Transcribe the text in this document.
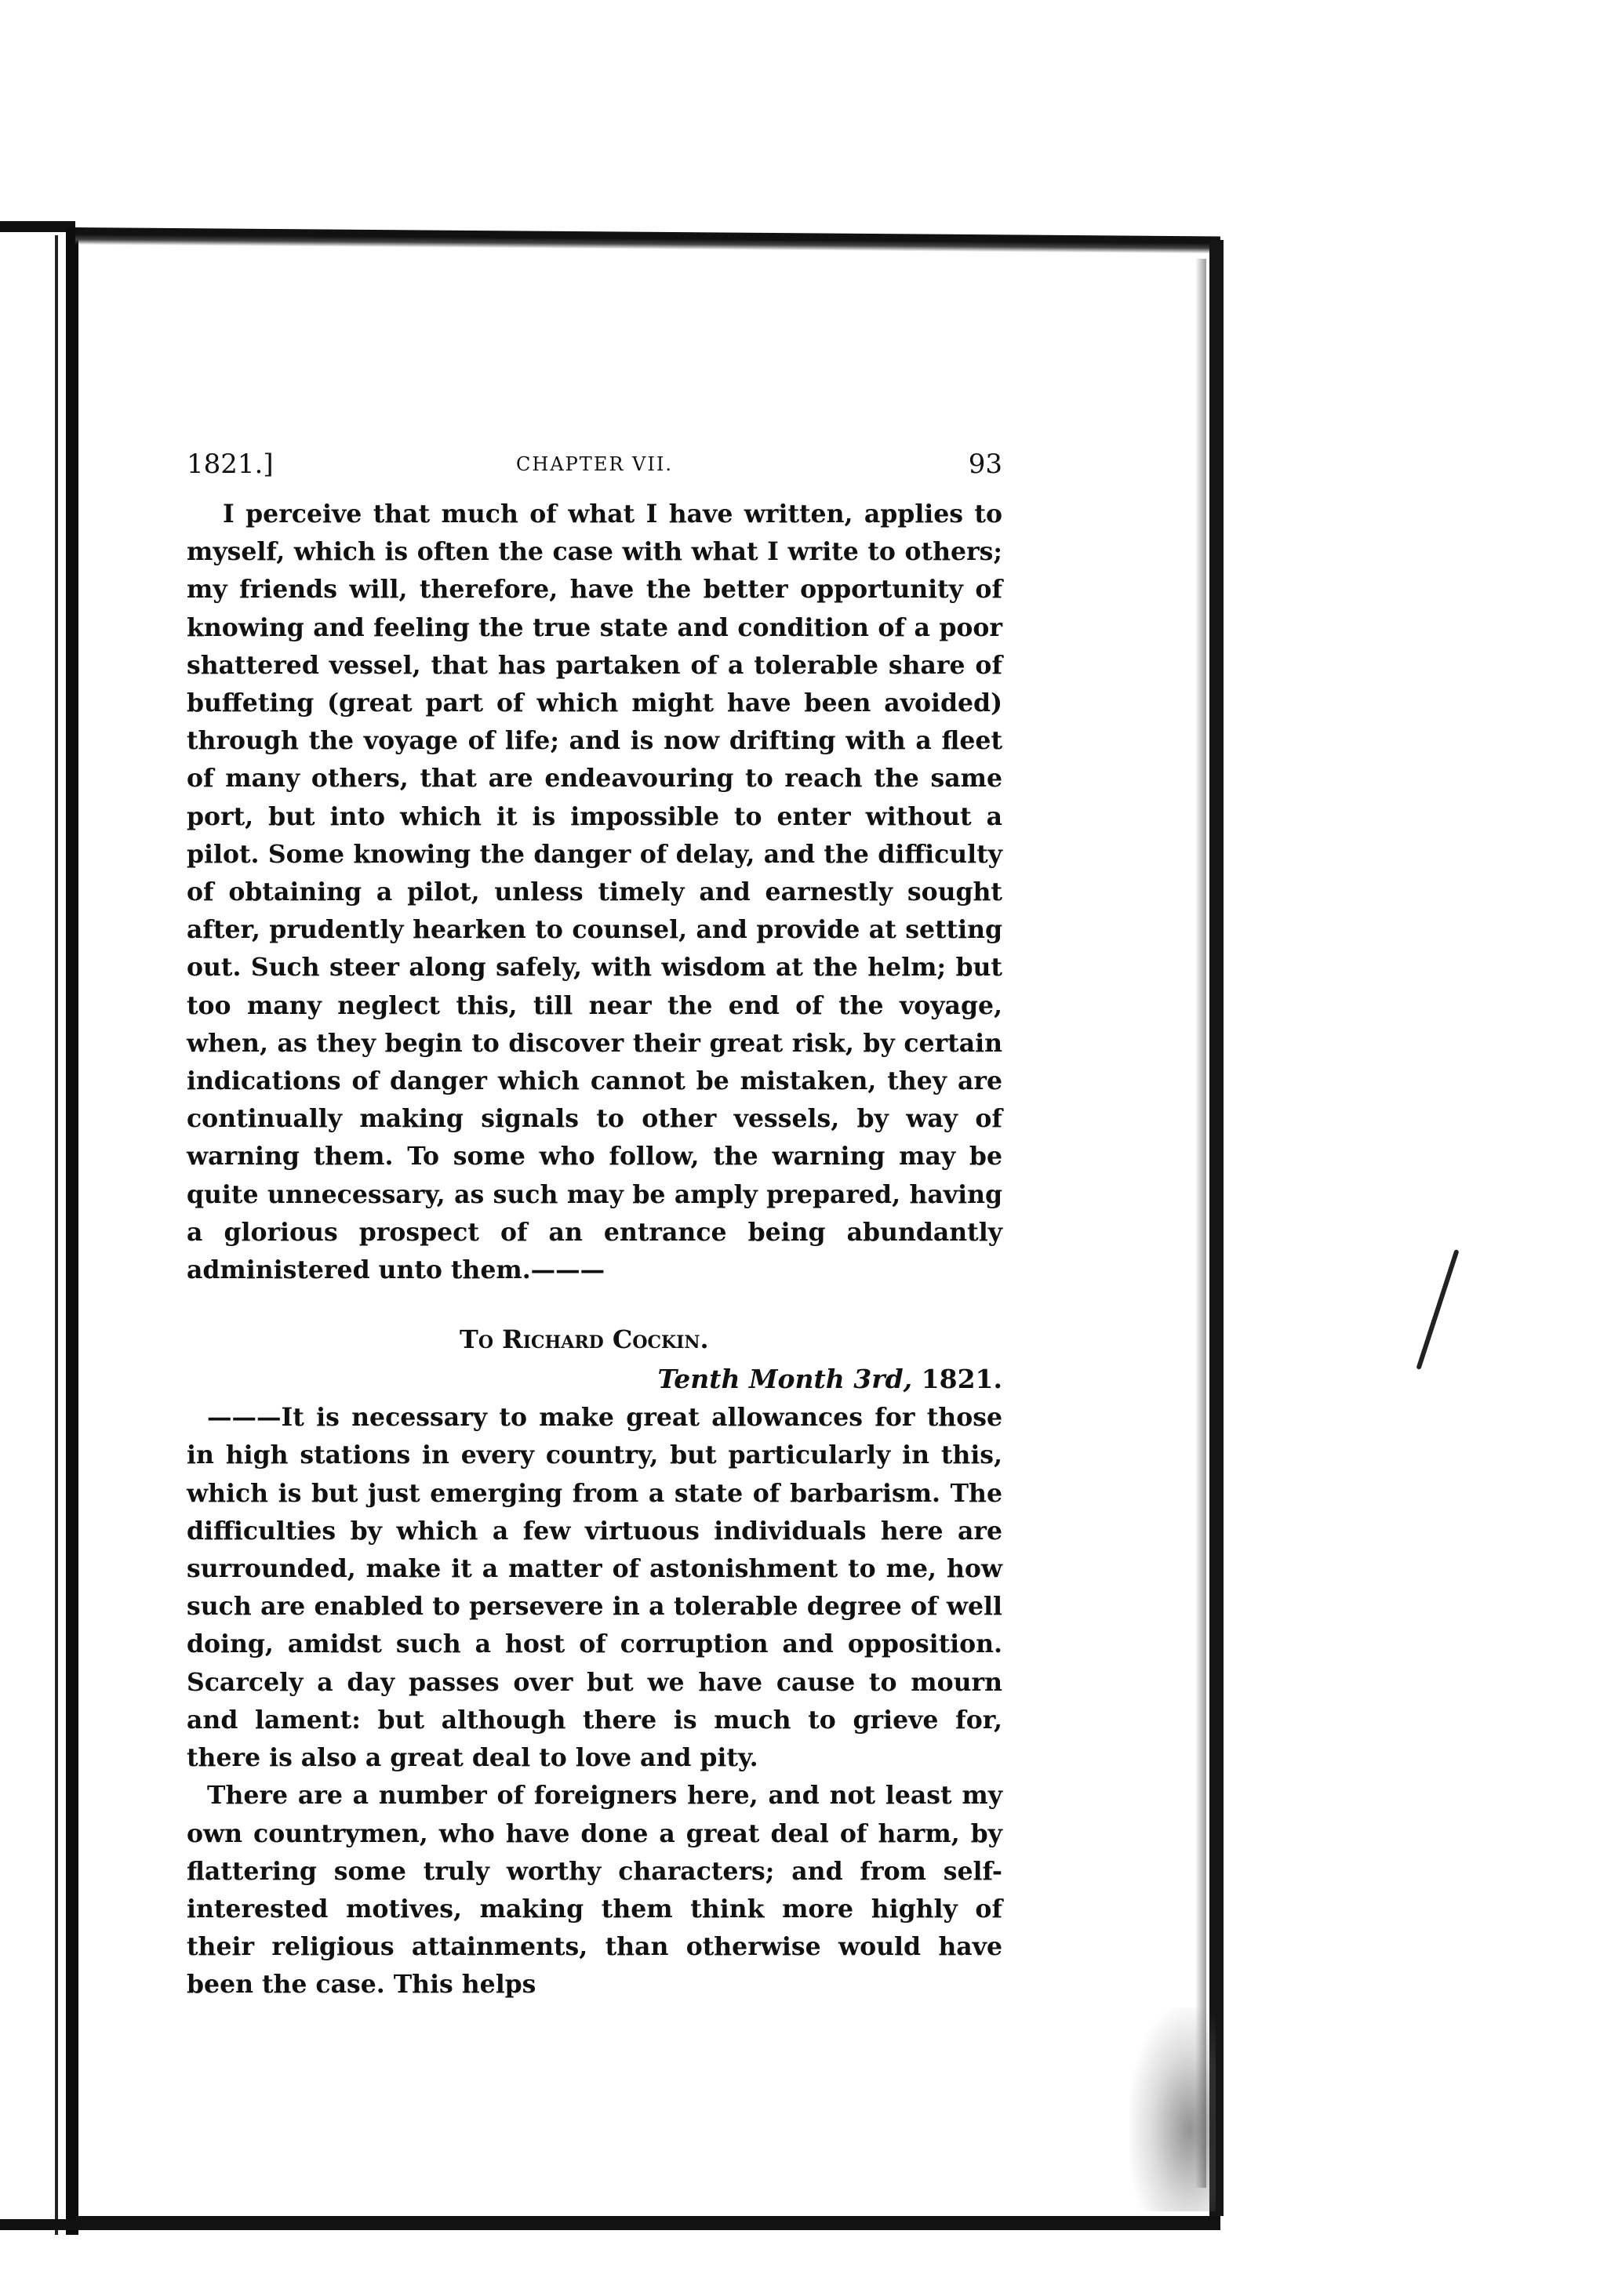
1821.]	CHAPTER VII.	93

I perceive that much of what I have written, applies to myself, which is often the case with what I write to others; my friends will, therefore, have the better opportunity of knowing and feeling the true state and condition of a poor shattered vessel, that has partaken of a tolerable share of buffeting (great part of which might have been avoided) through the voyage of life; and is now drifting with a fleet of many others, that are endeavouring to reach the same port, but into which it is impossible to enter without a pilot. Some knowing the danger of delay, and the difficulty of obtaining a pilot, unless timely and earnestly sought after, prudently hearken to counsel, and provide at setting out. Such steer along safely, with wisdom at the helm; but too many neglect this, till near the end of the voyage, when, as they begin to discover their great risk, by certain indications of danger which cannot be mistaken, they are continually making signals to other vessels, by way of warning them. To some who follow, the warning may be quite unnecessary, as such may be amply prepared, having a glorious prospect of an entrance being abundantly administered unto them.———

To Richard Cockin.
Tenth Month 3rd, 1821.

———It is necessary to make great allowances for those in high stations in every country, but particularly in this, which is but just emerging from a state of barbarism. The difficulties by which a few virtuous individuals here are surrounded, make it a matter of astonishment to me, how such are enabled to persevere in a tolerable degree of well doing, amidst such a host of corruption and opposition. Scarcely a day passes over but we have cause to mourn and lament: but although there is much to grieve for, there is also a great deal to love and pity.

There are a number of foreigners here, and not least my own countrymen, who have done a great deal of harm, by flattering some truly worthy characters; and from self-interested motives, making them think more highly of their religious attainments, than otherwise would have been the case. This helps
